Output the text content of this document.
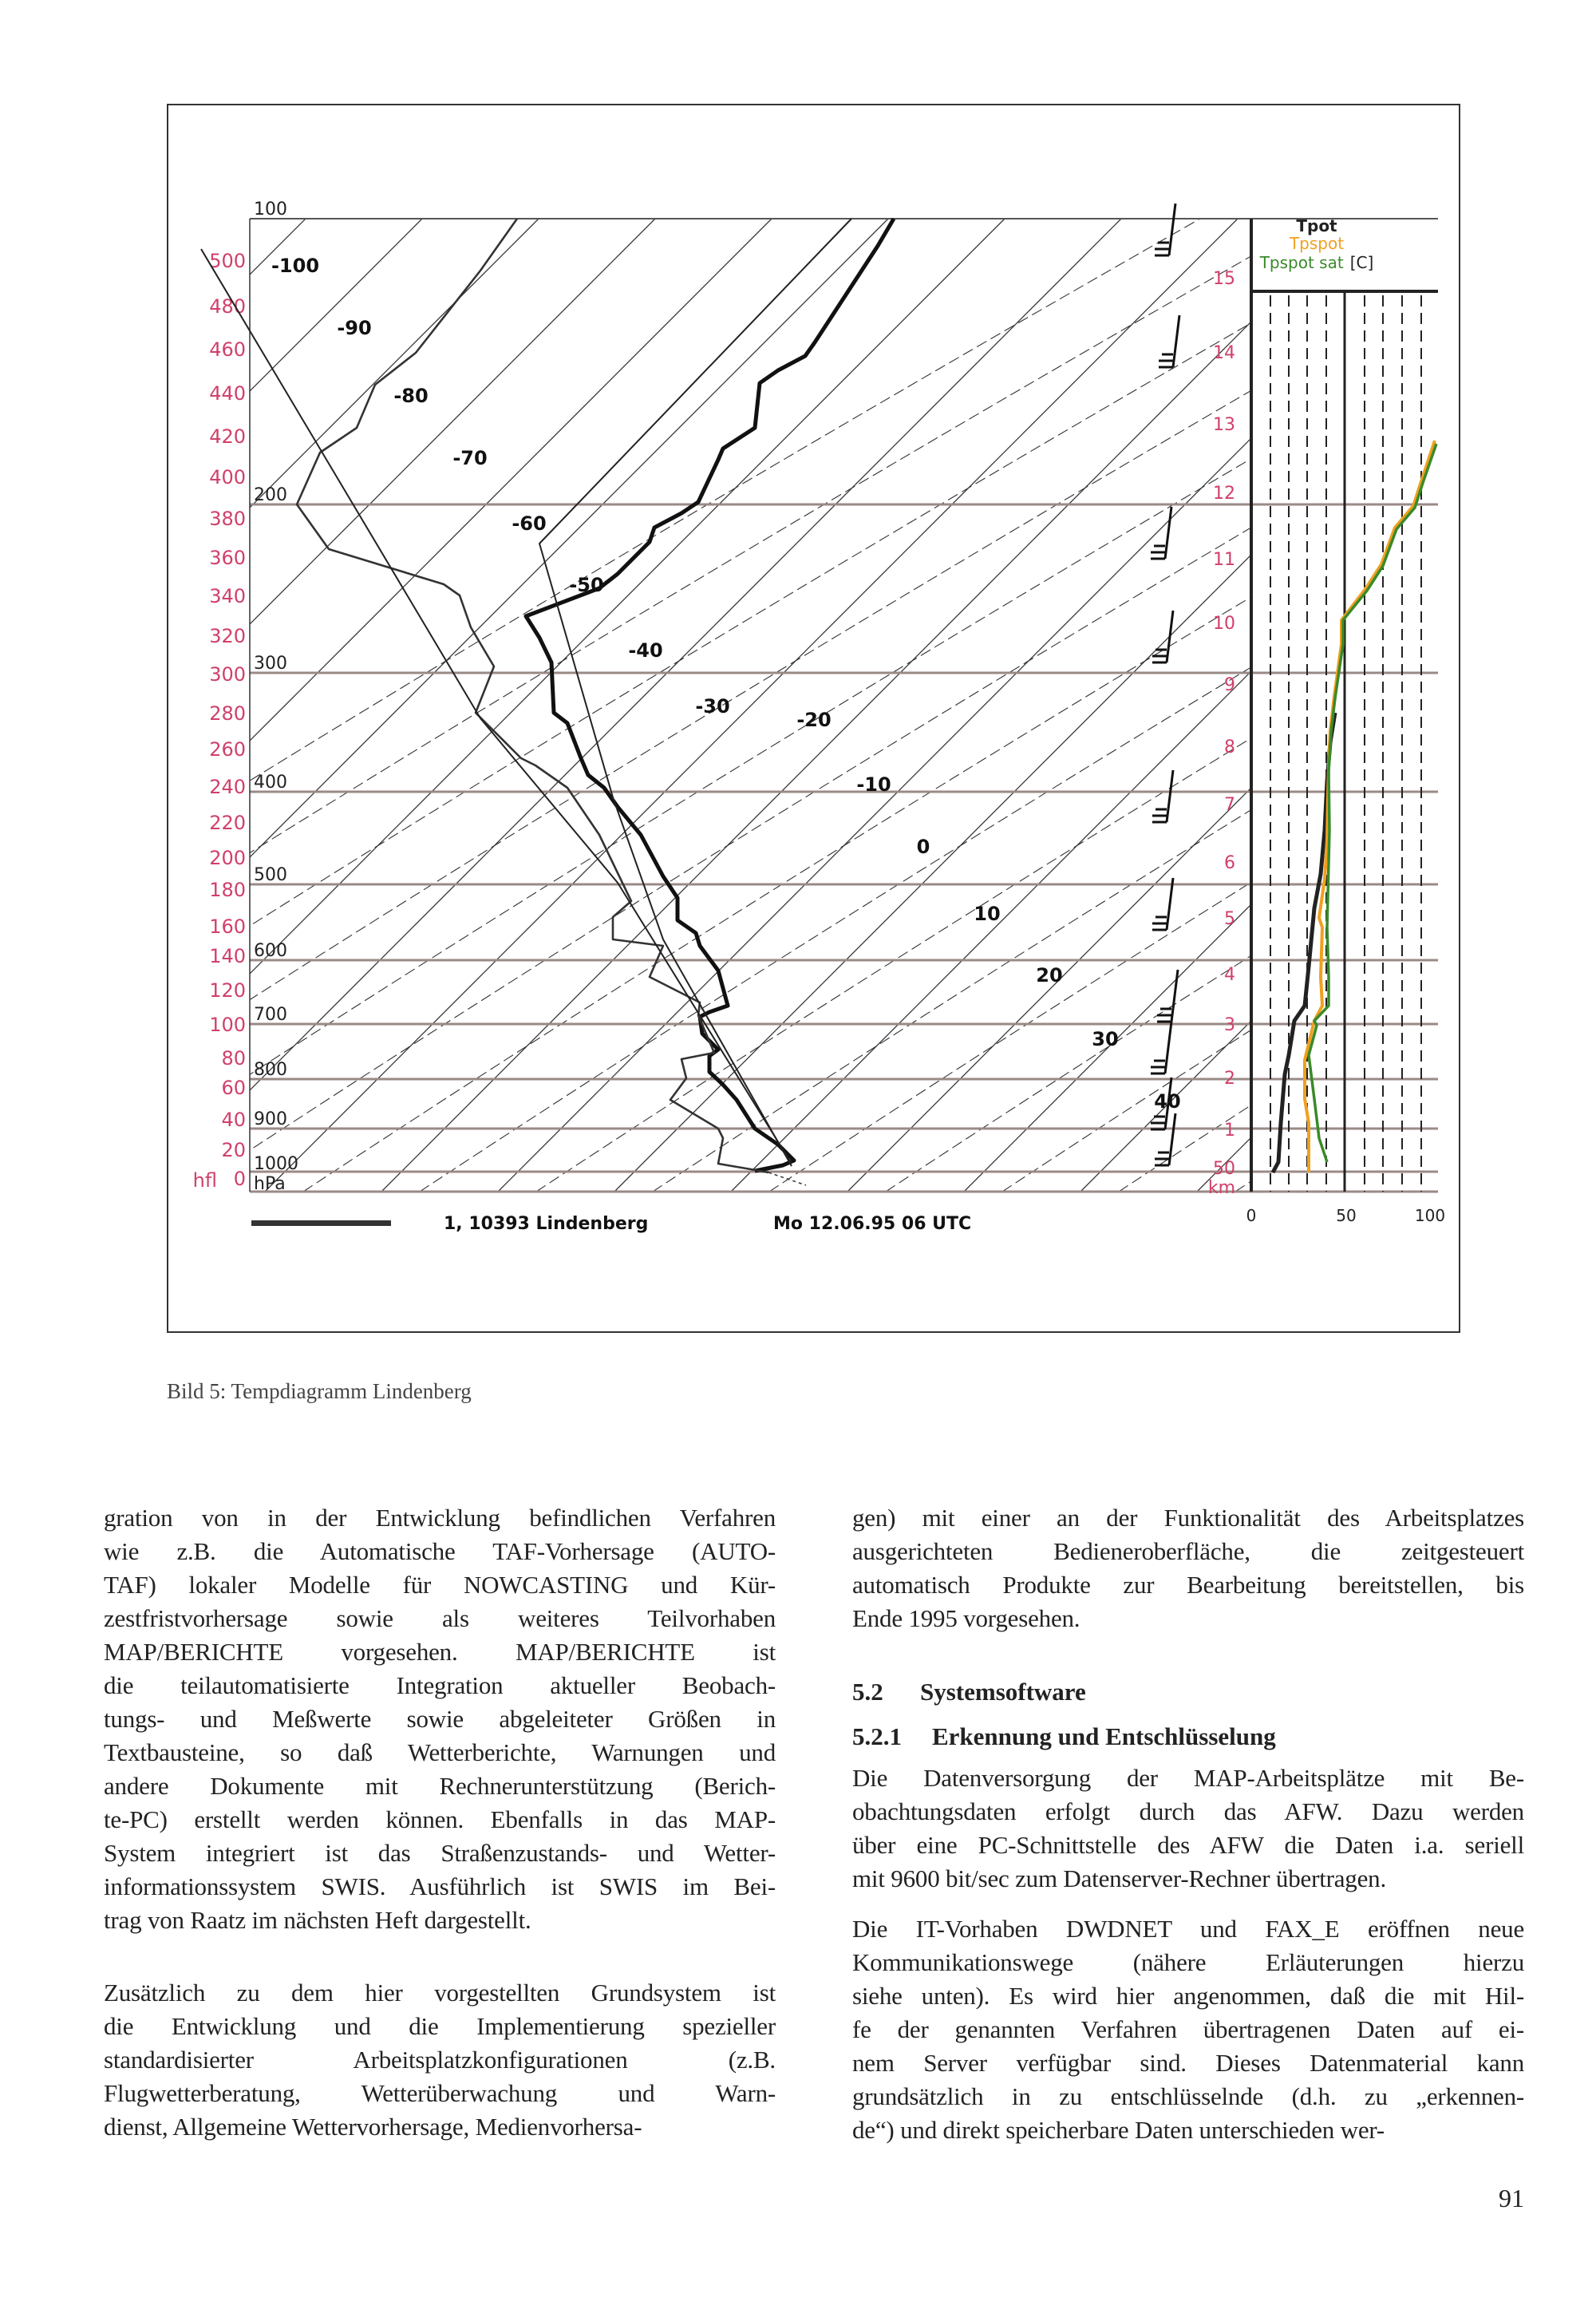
100
200
300
400
500
600
700
800
900
1000
hPa
500
480
460
440
420
400
380
360
340
320
300
280
260
240
220
200
180
160
140
120
100
80
60
40
20
0
hfl
-100
-90
-80
-70
-60
-50
-40
-30
-20
-10
0
10
20
30
40
15
14
13
12
11
10
9
8
7
6
5
4
3
2
1
50
km
Tpot
Tpspot
Tpspot sat [C]
0	50	100
1, 10393 Lindenberg	Mo 12.06.95 06 UTC
Bild 5: Tempdiagramm Lindenberg
gration von in der Entwicklung befindlichen Verfahren
wie z.B. die Automatische TAF-Vorhersage (AUTO-
TAF) lokaler Modelle für NOWCASTING und Kür-
zestfristvorhersage sowie als weiteres Teilvorhaben
MAP/BERICHTE vorgesehen. MAP/BERICHTE ist
die teilautomatisierte Integration aktueller Beobach-
tungs- und Meßwerte sowie abgeleiteter Größen in
Textbausteine, so daß Wetterberichte, Warnungen und
andere Dokumente mit Rechnerunterstützung (Berich-
te-PC) erstellt werden können. Ebenfalls in das MAP-
System integriert ist das Straßenzustands- und Wetter-
informationssystem SWIS. Ausführlich ist SWIS im Bei-
trag von Raatz im nächsten Heft dargestellt.
Zusätzlich zu dem hier vorgestellten Grundsystem ist
die Entwicklung und die Implementierung spezieller
standardisierter Arbeitsplatzkonfigurationen (z.B.
Flugwetterberatung, Wetterüberwachung und Warn-
dienst, Allgemeine Wettervorhersage, Medienvorhersa-
gen) mit einer an der Funktionalität des Arbeitsplatzes
ausgerichteten Bedieneroberfläche, die zeitgesteuert
automatisch Produkte zur Bearbeitung bereitstellen, bis
Ende 1995 vorgesehen.
5.2 Systemsoftware
5.2.1 Erkennung und Entschlüsselung
Die Datenversorgung der MAP-Arbeitsplätze mit Be-
obachtungsdaten erfolgt durch das AFW. Dazu werden
über eine PC-Schnittstelle des AFW die Daten i.a. seriell
mit 9600 bit/sec zum Datenserver-Rechner übertragen.
Die IT-Vorhaben DWDNET und FAX_E eröffnen neue
Kommunikationswege (nähere Erläuterungen hierzu
siehe unten). Es wird hier angenommen, daß die mit Hil-
fe der genannten Verfahren übertragenen Daten auf ei-
nem Server verfügbar sind. Dieses Datenmaterial kann
grundsätzlich in zu entschlüsselnde (d.h. zu „erkennen-
de“) und direkt speicherbare Daten unterschieden wer-
91
